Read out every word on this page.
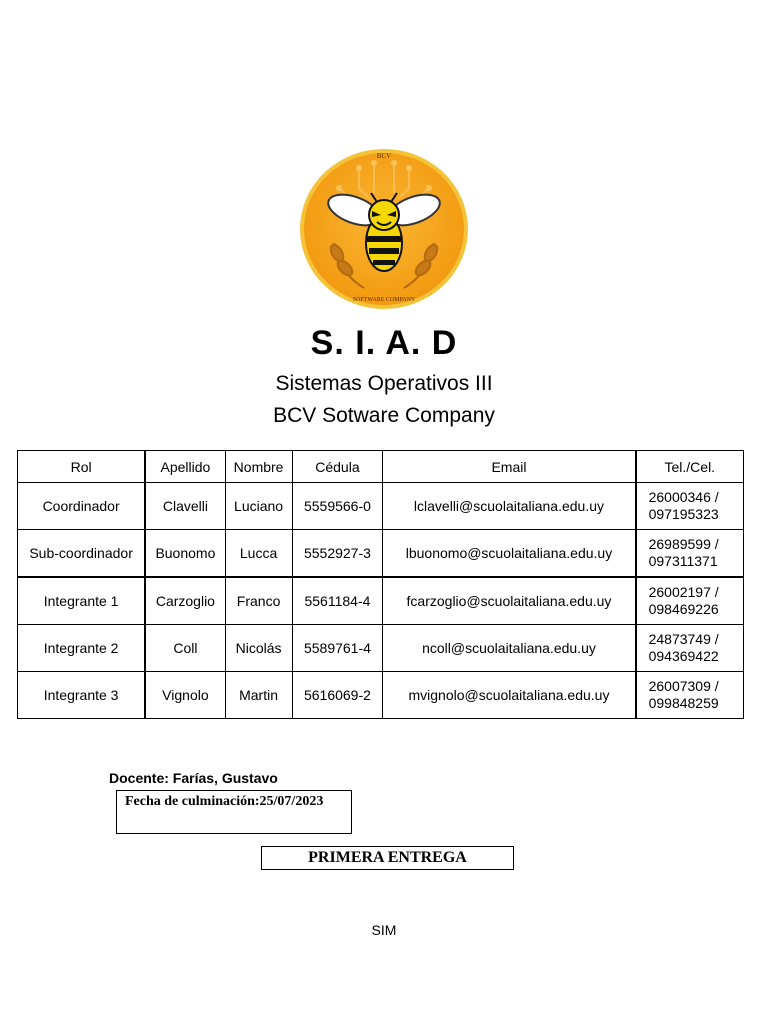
BCV
SOFTWARE COMPANY
S. I. A. D
Sistemas Operativos III
BCV Sotware Company
Rol	Apellido	Nombre	Cédula	Email	Tel./Cel.
Coordinador	Clavelli	Luciano	5559566-0	lclavelli@scuolaitaliana.edu.uy	26000346 /
097195323
Sub-coordinador	Buonomo	Lucca	5552927-3	lbuonomo@scuolaitaliana.edu.uy	26989599 /
097311371
Integrante 1	Carzoglio	Franco	5561184-4	fcarzoglio@scuolaitaliana.edu.uy	26002197 /
098469226
Integrante 2	Coll	Nicolás	5589761-4	ncoll@scuolaitaliana.edu.uy	24873749 /
094369422
Integrante 3	Vignolo	Martin	5616069-2	mvignolo@scuolaitaliana.edu.uy	26007309 /
099848259
Docente: Farías, Gustavo
Fecha de culminación:25/07/2023
PRIMERA ENTREGA
SIM
